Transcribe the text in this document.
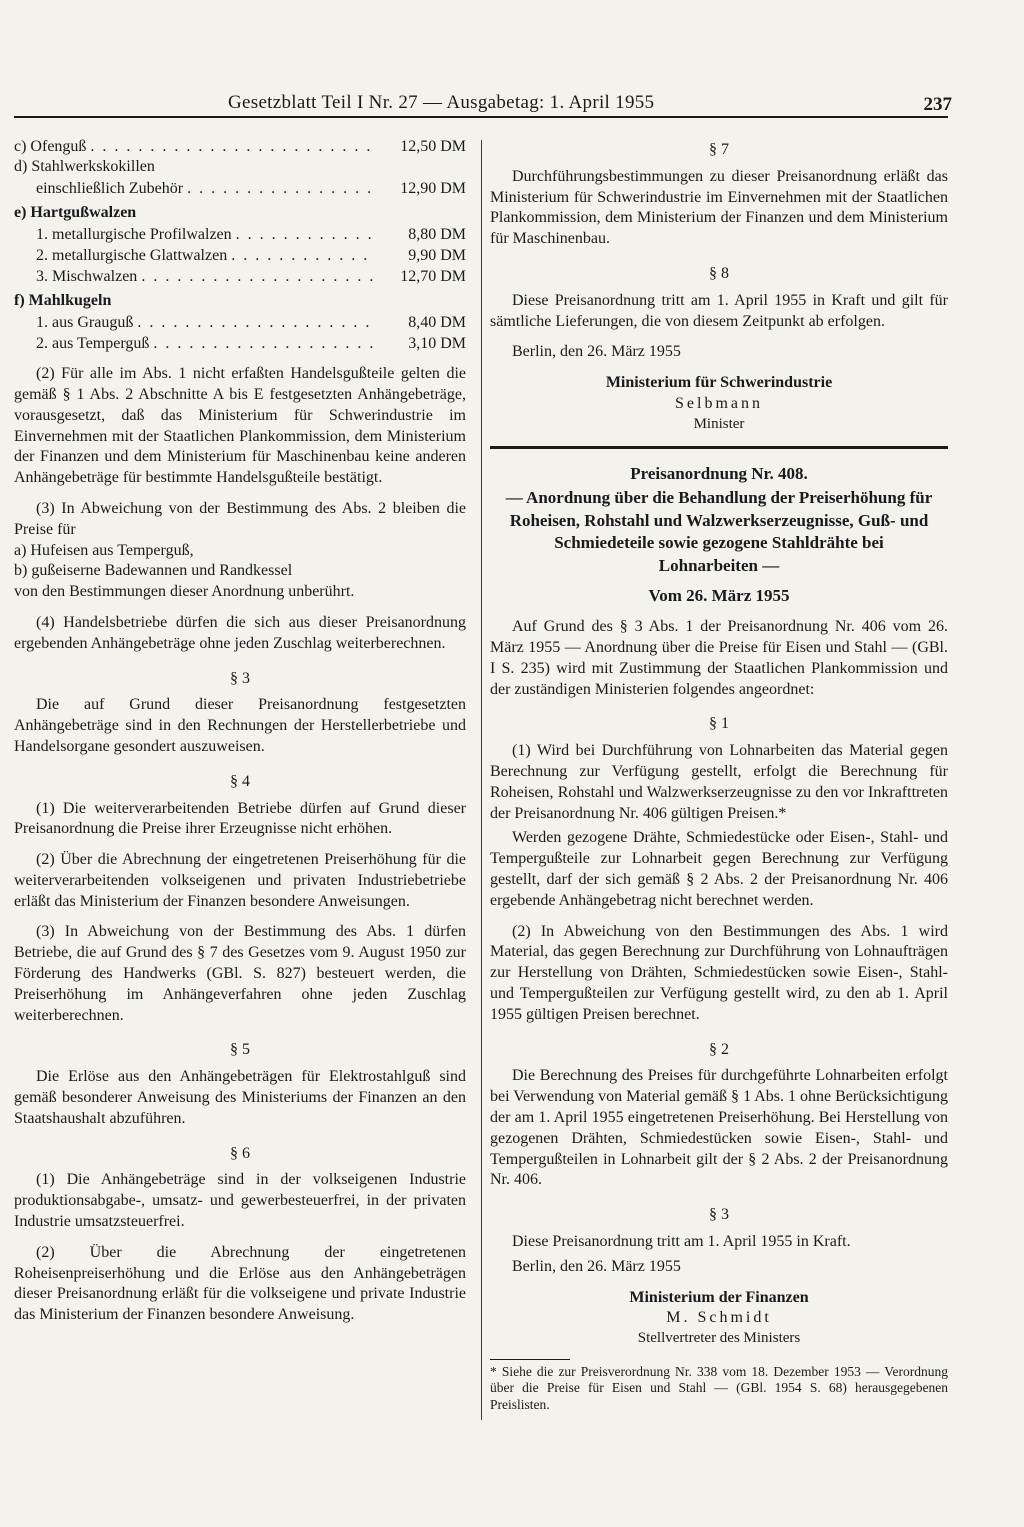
Gesetzblatt Teil I Nr. 27 — Ausgabetag: 1. April 1955	237
c) Ofenguß . . .	12,50 DM

d) Stahlwerkskokillen

einschließlich Zubehör . . .	12,90 DM

e) Hartgußwalzen

1. metallurgische Profilwalzen . . .	8,80 DM
2. metallurgische Glattwalzen . . .	9,90 DM
3. Mischwalzen . . .	12,70 DM

f) Mahlkugeln

1. aus Grauguß . . .	8,40 DM
2. aus Temperguß . . .	3,10 DM

(2) Für alle im Abs. 1 nicht erfaßten Handelsgußteile gelten die gemäß § 1 Abs. 2 Abschnitte A bis E festgesetzten Anhängebeträge, vorausgesetzt, daß das Ministerium für Schwerindustrie im Einvernehmen mit der Staatlichen Plankommission, dem Ministerium der Finanzen und dem Ministerium für Maschinenbau keine anderen Anhängebeträge für bestimmte Handelsgußteile bestätigt.

(3) In Abweichung von der Bestimmung des Abs. 2 bleiben die Preise für

a) Hufeisen aus Temperguß,

b) gußeiserne Badewannen und Randkessel

von den Bestimmungen dieser Anordnung unberührt.

(4) Handelsbetriebe dürfen die sich aus dieser Preisanordnung ergebenden Anhängebeträge ohne jeden Zuschlag weiterberechnen.

§ 3

Die auf Grund dieser Preisanordnung festgesetzten Anhängebeträge sind in den Rechnungen der Herstellerbetriebe und Handelsorgane gesondert auszuweisen.

§ 4

(1) Die weiterverarbeitenden Betriebe dürfen auf Grund dieser Preisanordnung die Preise ihrer Erzeugnisse nicht erhöhen.

(2) Über die Abrechnung der eingetretenen Preiserhöhung für die weiterverarbeitenden volkseigenen und privaten Industriebetriebe erläßt das Ministerium der Finanzen besondere Anweisungen.

(3) In Abweichung von der Bestimmung des Abs. 1 dürfen Betriebe, die auf Grund des § 7 des Gesetzes vom 9. August 1950 zur Förderung des Handwerks (GBl. S. 827) besteuert werden, die Preiserhöhung im Anhängeverfahren ohne jeden Zuschlag weiterberechnen.

§ 5

Die Erlöse aus den Anhängebeträgen für Elektrostahlguß sind gemäß besonderer Anweisung des Ministeriums der Finanzen an den Staatshaushalt abzuführen.

§ 6

(1) Die Anhängebeträge sind in der volkseigenen Industrie produktionsabgabe-, umsatz- und gewerbesteuerfrei, in der privaten Industrie umsatzsteuerfrei.

(2) Über die Abrechnung der eingetretenen Roheisenpreiserhöhung und die Erlöse aus den Anhängebeträgen dieser Preisanordnung erläßt für die volkseigene und private Industrie das Ministerium der Finanzen besondere Anweisung.

§ 7

Durchführungsbestimmungen zu dieser Preisanordnung erläßt das Ministerium für Schwerindustrie im Einvernehmen mit der Staatlichen Plankommission, dem Ministerium der Finanzen und dem Ministerium für Maschinenbau.

§ 8

Diese Preisanordnung tritt am 1. April 1955 in Kraft und gilt für sämtliche Lieferungen, die von diesem Zeitpunkt ab erfolgen.

Berlin, den 26. März 1955

Ministerium für Schwerindustrie

Selbmann

Minister

Preisanordnung Nr. 408.

— Anordnung über die Behandlung der Preiserhöhung für Roheisen, Rohstahl und Walzwerkserzeugnisse, Guß- und Schmiedeteile sowie gezogene Stahldrähte bei Lohnarbeiten —

Vom 26. März 1955

Auf Grund des § 3 Abs. 1 der Preisanordnung Nr. 406 vom 26. März 1955 — Anordnung über die Preise für Eisen und Stahl — (GBl. I S. 235) wird mit Zustimmung der Staatlichen Plankommission und der zuständigen Ministerien folgendes angeordnet:

§ 1

(1) Wird bei Durchführung von Lohnarbeiten das Material gegen Berechnung zur Verfügung gestellt, erfolgt die Berechnung für Roheisen, Rohstahl und Walzwerkserzeugnisse zu den vor Inkrafttreten der Preisanordnung Nr. 406 gültigen Preisen.*

Werden gezogene Drähte, Schmiedestücke oder Eisen-, Stahl- und Tempergußteile zur Lohnarbeit gegen Berechnung zur Verfügung gestellt, darf der sich gemäß § 2 Abs. 2 der Preisanordnung Nr. 406 ergebende Anhängebetrag nicht berechnet werden.

(2) In Abweichung von den Bestimmungen des Abs. 1 wird Material, das gegen Berechnung zur Durchführung von Lohnaufträgen zur Herstellung von Drähten, Schmiedestücken sowie Eisen-, Stahl- und Tempergußteilen zur Verfügung gestellt wird, zu den ab 1. April 1955 gültigen Preisen berechnet.

§ 2

Die Berechnung des Preises für durchgeführte Lohnarbeiten erfolgt bei Verwendung von Material gemäß § 1 Abs. 1 ohne Berücksichtigung der am 1. April 1955 eingetretenen Preiserhöhung. Bei Herstellung von gezogenen Drähten, Schmiedestücken sowie Eisen-, Stahl- und Tempergußteilen in Lohnarbeit gilt der § 2 Abs. 2 der Preisanordnung Nr. 406.

§ 3

Diese Preisanordnung tritt am 1. April 1955 in Kraft.

Berlin, den 26. März 1955

Ministerium der Finanzen

M. Schmidt

Stellvertreter des Ministers

* Siehe die zur Preisverordnung Nr. 338 vom 18. Dezember 1953 — Verordnung über die Preise für Eisen und Stahl — (GBl. 1954 S. 68) herausgegebenen Preislisten.
